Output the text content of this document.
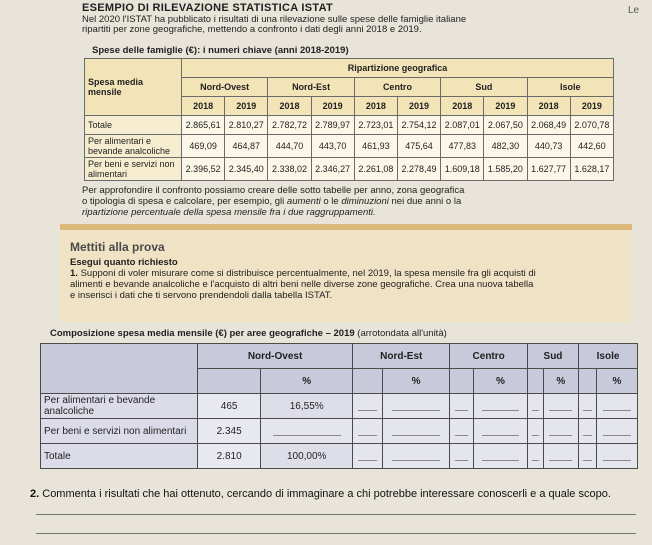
ESEMPIO DI RILEVAZIONE STATISTICA ISTAT
Nel 2020 l'ISTAT ha pubblicato i risultati di una rilevazione sulle spese delle famiglie italiane
ripartiti per zone geografiche, mettendo a confronto i dati degli anni 2018 e 2019.
Le
Spese delle famiglie (€): i numeri chiave (anni 2018-2019)
Spesa media mensile	Ripartizione geografica									
	Nord-Ovest		Nord-Est		Centro		Sud		Isole	
	2018	2019	2018	2019	2018	2019	2018	2019	2018	2019
Totale	2.865,61	2.810,27	2.782,72	2.789,97	2.723,01	2.754,12	2.087,01	2.067,50	2.068,49	2.070,78
Per alimentari e bevande analcoliche	469,09	464,87	444,70	443,70	461,93	475,64	477,83	482,30	440,73	442,60
Per beni e servizi non alimentari	2.396,52	2.345,40	2.338,02	2.346,27	2.261,08	2.278,49	1.609,18	1.585,20	1.627,77	1.628,17
Per approfondire il confronto possiamo creare delle sotto tabelle per anno, zona geografica
o tipologia di spesa e calcolare, per esempio, gli aumenti o le diminuzioni nei due anni o la
ripartizione percentuale della spesa mensile fra i due raggruppamenti.
Mettiti alla prova
Esegui quanto richiesto
1. Supponi di voler misurare come si distribuisce percentualmente, nel 2019, la spesa mensile fra gli acquisti di
alimenti e bevande analcoliche e l'acquisto di altri beni nelle diverse zone geografiche. Crea una nuova tabella
e inserisci i dati che ti servono prendendoli dalla tabella ISTAT.
Composizione spesa media mensile (€) per aree geografiche – 2019 (arrotondata all'unità)
	Nord-Ovest		Nord-Est		Centro		Sud		Isole	
		%		%		%		%		%
Per alimentari e bevande analcoliche	465	16,55%	

Per beni e servizi non alimentari	2.345	

Totale	2.810	100,00%	

2. Commenta i risultati che hai ottenuto, cercando di immaginare a chi potrebbe interessare conoscerli e a quale scopo.
